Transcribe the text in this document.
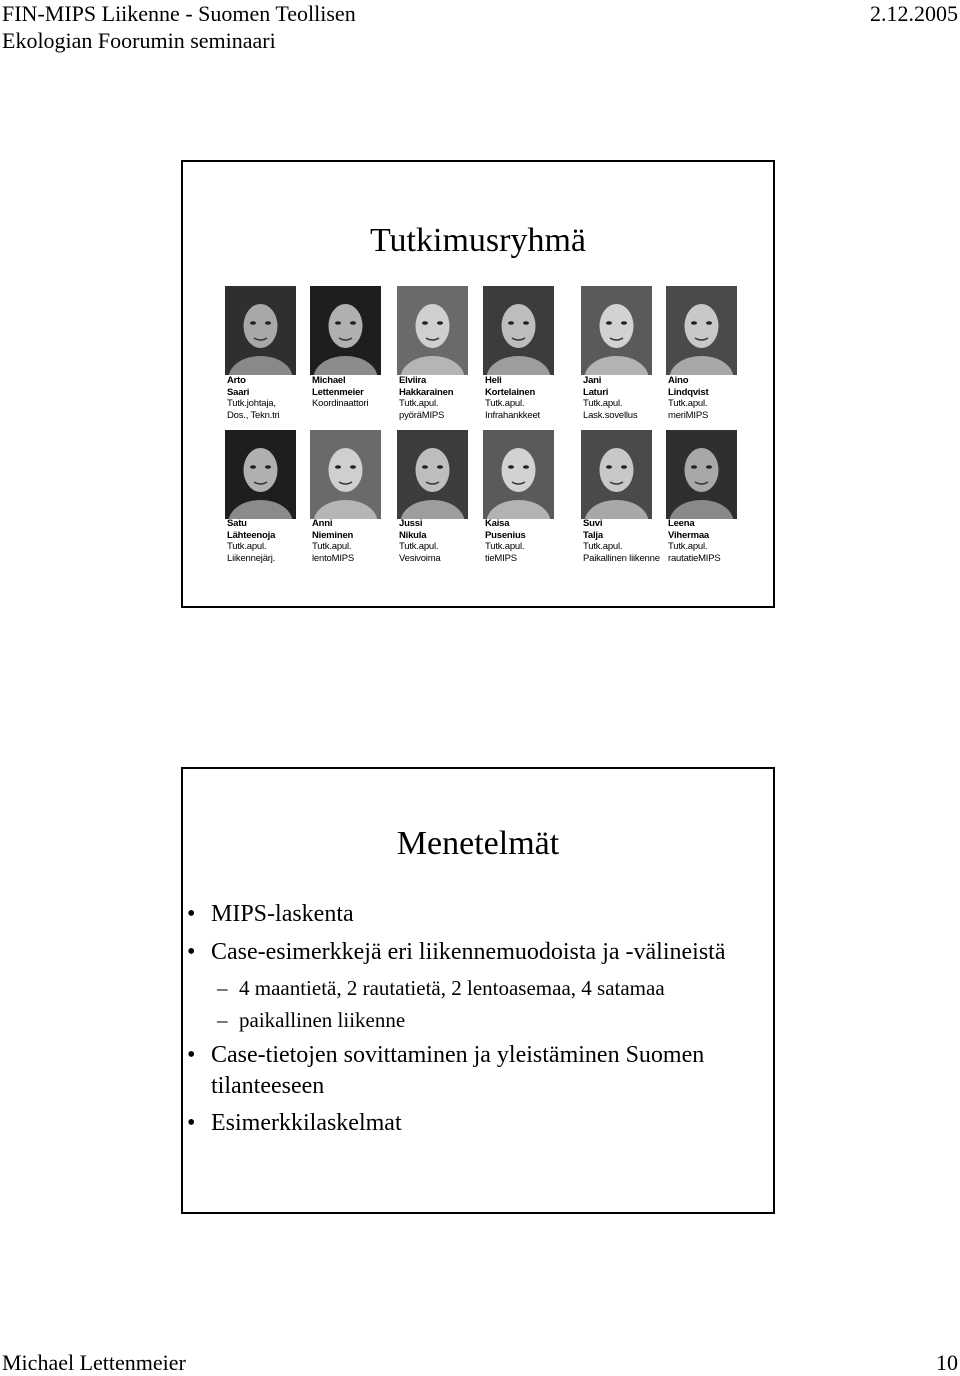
FIN-MIPS Liikenne - Suomen Teollisen
Ekologian Foorumin seminaari
2.12.2005
Tutkimusryhmä
Arto
Saari
Tutk.johtaja,
Dos., Tekn.tri
Michael
Lettenmeier
Koordinaattori
Elviira
Hakkarainen
Tutk.apul.
pyöräMIPS
Heli
Kortelainen
Tutk.apul.
Infrahankkeet
Jani
Laturi
Tutk.apul.
Lask.sovellus
Aino
Lindqvist
Tutk.apul.
meriMIPS
Satu
Lähteenoja
Tutk.apul.
Liikennejärj.
Anni
Nieminen
Tutk.apul.
lentoMIPS
Jussi
Nikula
Tutk.apul.
Vesivoima
Kaisa
Pusenius
Tutk.apul.
tieMIPS
Suvi
Talja
Tutk.apul.
Paikallinen liikenne
Leena
Vihermaa
Tutk.apul.
rautatieMIPS
Menetelmät
• MIPS-laskenta
• Case-esimerkkejä eri liikennemuodoista ja -välineistä
– 4 maantietä, 2 rautatietä, 2 lentoasemaa, 4 satamaa
– paikallinen liikenne
• Case-tietojen sovittaminen ja yleistäminen Suomen
tilanteeseen
• Esimerkkilaskelmat
Michael Lettenmeier	10
